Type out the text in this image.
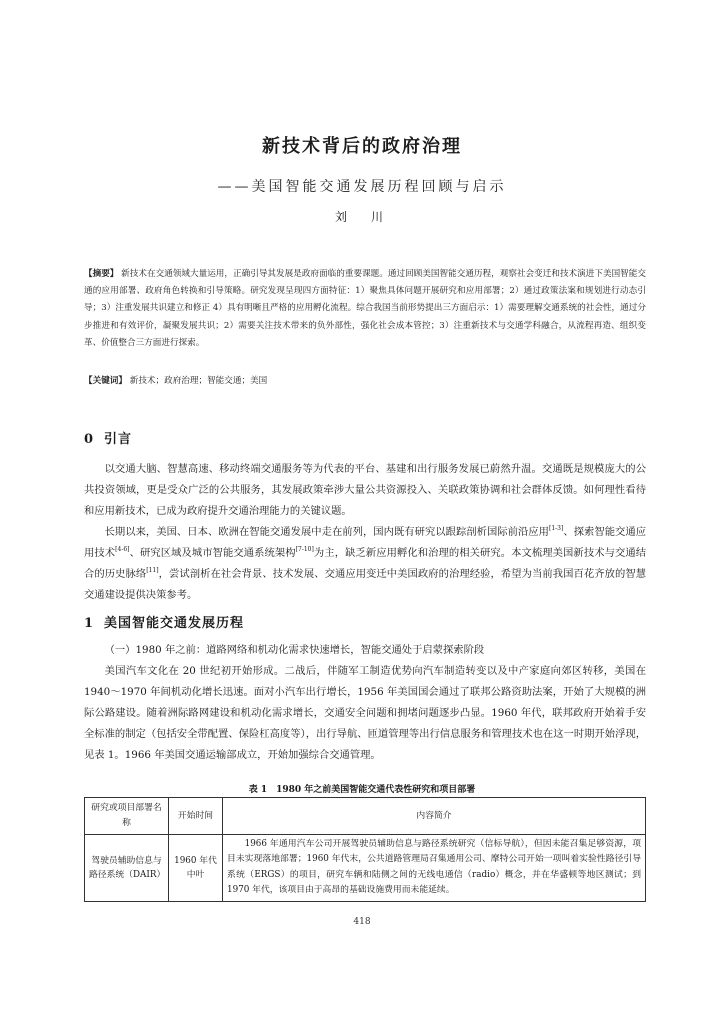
新技术背后的政府治理
——美国智能交通发展历程回顾与启示
刘　川
【摘要】 新技术在交通领域大量运用，正确引导其发展是政府面临的重要课题。通过回顾美国智能交通历程，观察社会变迁和技术演进下美国智能交通的应用部署、政府角色转换和引导策略。研究发现呈现四方面特征：1）聚焦具体问题开展研究和应用部署；2）通过政策法案和规划进行动态引导；3）注重发展共识建立和修正 4）具有明晰且严格的应用孵化流程。综合我国当前形势提出三方面启示：1）需要理解交通系统的社会性，通过分步推进和有效评价，凝聚发展共识；2）需要关注技术带来的负外部性，强化社会成本管控；3）注重新技术与交通学科融合，从流程再造、组织变革、价值整合三方面进行探索。
【关键词】 新技术；政府治理；智能交通；美国
0 引言
以交通大脑、智慧高速、移动终端交通服务等为代表的平台、基建和出行服务发展已蔚然升温。交通既是规模庞大的公共投资领域，更是受众广泛的公共服务，其发展政策牵涉大量公共资源投入、关联政策协调和社会群体反馈。如何理性看待和应用新技术，已成为政府提升交通治理能力的关键议题。
长期以来，美国、日本、欧洲在智能交通发展中走在前列，国内既有研究以跟踪剖析国际前沿应用[1-3]、探索智能交通应用技术[4-6]、研究区域及城市智能交通系统架构[7-10]为主，缺乏新应用孵化和治理的相关研究。本文梳理美国新技术与交通结合的历史脉络[11]，尝试剖析在社会背景、技术发展、交通应用变迁中美国政府的治理经验，希望为当前我国百花齐放的智慧交通建设提供决策参考。
1 美国智能交通发展历程
（一）1980 年之前：道路网络和机动化需求快速增长，智能交通处于启蒙探索阶段
美国汽车文化在 20 世纪初开始形成。二战后，伴随军工制造优势向汽车制造转变以及中产家庭向郊区转移，美国在 1940～1970 年间机动化增长迅速。面对小汽车出行增长，1956 年美国国会通过了联邦公路资助法案，开始了大规模的洲际公路建设。随着洲际路网建设和机动化需求增长，交通安全问题和拥堵问题逐步凸显。1960 年代，联邦政府开始着手安全标准的制定（包括安全带配置、保险杠高度等），出行导航、匝道管理等出行信息服务和管理技术也在这一时期开始浮现，见表 1。1966 年美国交通运输部成立，开始加强综合交通管理。
表 1　1980 年之前美国智能交通代表性研究和项目部署
研究或项目部署名称	开始时间	内容简介
驾驶员辅助信息与路径系统（DAIR）	1960 年代中叶	1966 年通用汽车公司开展驾驶员辅助信息与路径系统研究（信标导航），但因未能召集足够资源，项目未实现落地部署；1960 年代末，公共道路管理局召集通用公司、摩特公司开始一项叫着实验性路径引导系统（ERGS）的项目，研究车辆和陆侧之间的无线电通信（radio）概念，并在华盛顿等地区测试；到 1970 年代，该项目由于高昂的基础设施费用而未能延续。
418
